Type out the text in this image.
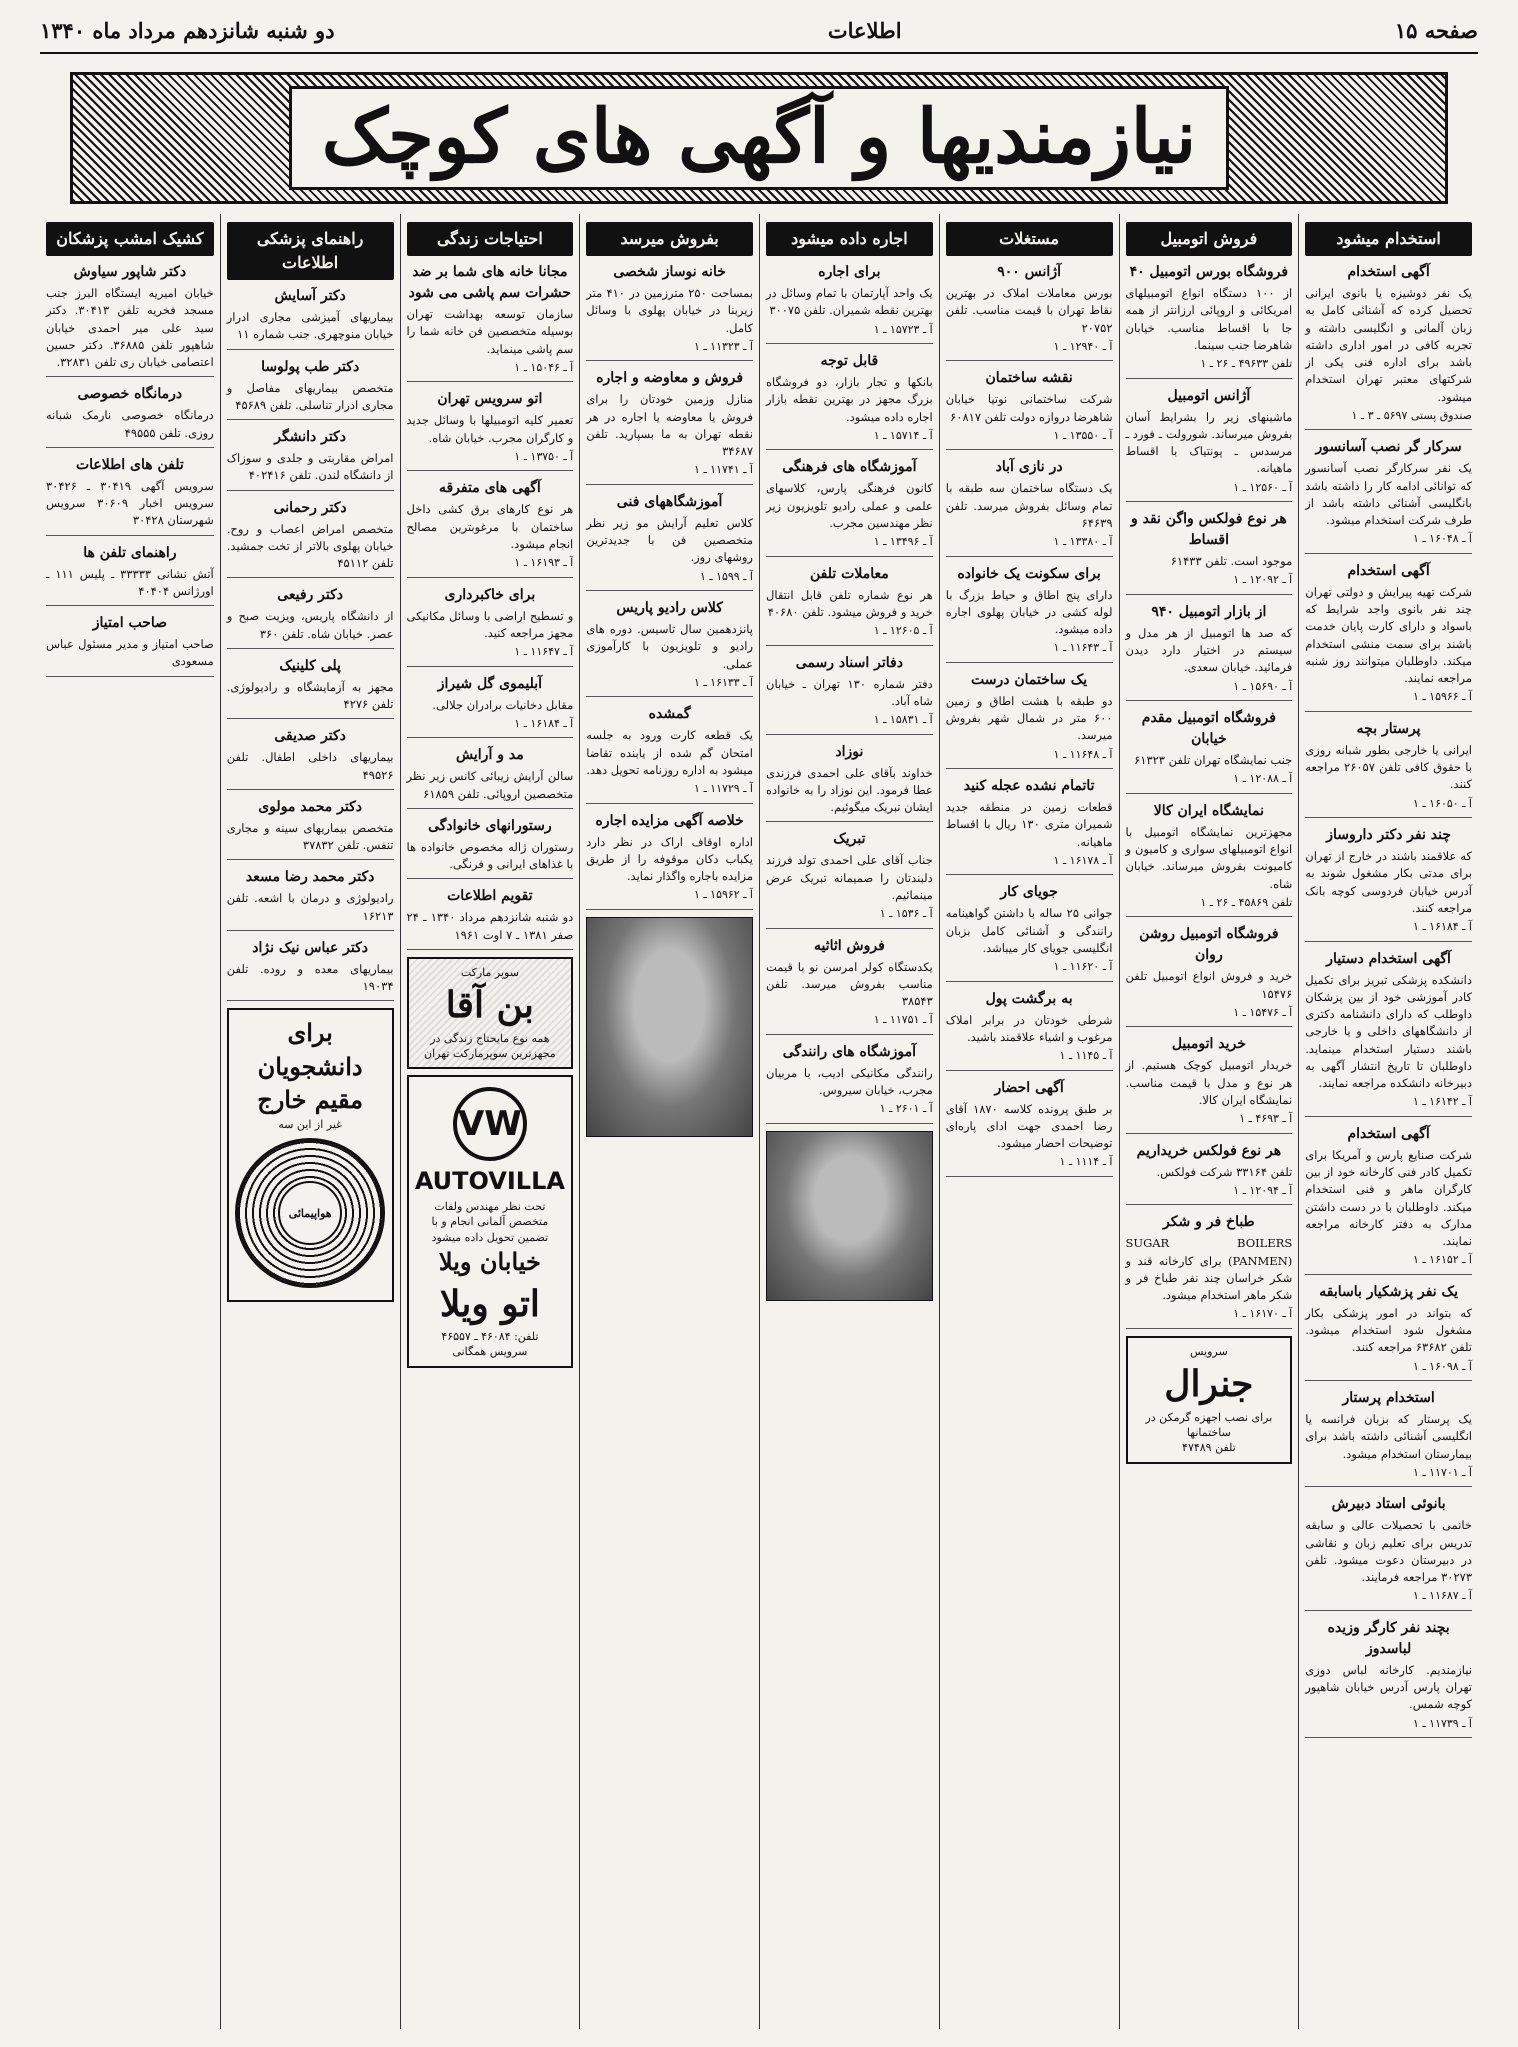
صفحه ۱۵
اطلاعات
دو شنبه شانزدهم مرداد ماه ۱۳۴۰
نیازمندیها و آگهی های کوچک
استخدام میشود
آگهی استخدام
یک نفر دوشیزه یا بانوی ایرانی تحصیل کرده که آشنائی کامل به زبان آلمانی و انگلیسی داشته و تجربه کافی در امور اداری داشته باشد برای اداره فنی یکی از شرکتهای معتبر تهران استخدام میشود.
صندوق پستی ۵۶۹۷ ـ ۳ ـ ۱
سرکار گر نصب آسانسور
یک نفر سرکارگر نصب آسانسور که توانائی ادامه کار را داشته باشد بانگلیسی آشنائی داشته باشد از طرف شرکت استخدام میشود.
آ ـ ۱۶۰۴۸ ـ ۱
آگهی استخدام
شرکت تهیه پیرایش و دولتی تهران چند نفر بانوی واجد شرایط که باسواد و دارای کارت پایان خدمت باشند برای سمت منشی استخدام میکند. داوطلبان میتوانند روز شنبه مراجعه نمایند.
آ ـ ۱۵۹۶۶ ـ ۱
پرستار بچه
ایرانی یا خارجی بطور شبانه روزی با حقوق کافی تلفن ۲۶۰۵۷ مراجعه کنند.
آ ـ ۱۶۰۵۰ ـ ۱
چند نفر دکتر داروساز
که علاقمند باشند در خارج از تهران برای مدتی بکار مشغول شوند به آدرس خیابان فردوسی کوچه بانک مراجعه کنند.
آ ـ ۱۶۱۸۴ ـ ۱
آگهی استخدام دستیار
دانشکده پزشکی تبریز برای تکمیل کادر آموزشی خود از بین پزشکان داوطلب که دارای دانشنامه دکتری از دانشگاههای داخلی و یا خارجی باشند دستیار استخدام مینماید. داوطلبان تا تاریخ انتشار آگهی به دبیرخانه دانشکده مراجعه نمایند.
آ ـ ۱۶۱۴۲ ـ ۱
آگهی استخدام
شرکت صنایع پارس و آمریکا برای تکمیل کادر فنی کارخانه خود از بین کارگران ماهر و فنی استخدام میکند. داوطلبان با در دست داشتن مدارک به دفتر کارخانه مراجعه نمایند.
آ ـ ۱۶۱۵۲ ـ ۱
یک نفر پزشکیار باسابقه
که بتواند در امور پزشکی بکار مشغول شود استخدام میشود. تلفن ۶۳۶۸۲ مراجعه کنند.
آ ـ ۱۶۰۹۸ ـ ۱
استخدام پرستار
یک پرستار که بزبان فرانسه یا انگلیسی آشنائی داشته باشد برای بیمارستان استخدام میشود.
آ ـ ۱۱۷۰۱ ـ ۱
بانوئی استاد دبیرش
خانمی با تحصیلات عالی و سابقه تدریس برای تعلیم زبان و نقاشی در دبیرستان دعوت میشود. تلفن ۳۰۲۷۳ مراجعه فرمایند.
آ ـ ۱۱۶۸۷ ـ ۱
بچند نفر کارگر وزیده لباسدوز
نیازمندیم. کارخانه لباس دوزی تهران پارس آدرس خیابان شاهپور کوچه شمس.
آ ـ ۱۱۷۳۹ ـ ۱
فروش اتومبیل
فروشگاه بورس اتومبیل ۴۰
از ۱۰۰ دستگاه انواع اتومبیلهای امریکائی و اروپائی ارزانتر از همه جا با اقساط مناسب. خیابان شاهرضا جنب سینما.
تلفن ۴۹۶۳۳ ـ ۲۶ ـ ۱
آژانس اتومبیل
ماشینهای زیر را بشرایط آسان بفروش میرساند. شورولت ـ فورد ـ مرسدس ـ پونتیاک با اقساط ماهیانه.
آ ـ ۱۲۵۶۰ ـ ۱
هر نوع فولکس واگن نقد و اقساط
موجود است. تلفن ۶۱۴۳۳
آ ـ ۱۲۰۹۲ ـ ۱
از بازار اتومبیل ۹۴۰
که صد ها اتومبیل از هر مدل و سیستم در اختیار دارد دیدن فرمائید. خیابان سعدی.
آ ـ ۱۵۶۹۰ ـ ۱
فروشگاه اتومبیل مقدم خیابان
جنب نمایشگاه تهران تلفن ۶۱۳۲۳
آ ـ ۱۲۰۸۸ ـ ۱
نمایشگاه ایران کالا
مجهزترین نمایشگاه اتومبیل با انواع اتومبیلهای سواری و کامیون و کامیونت بفروش میرساند. خیابان شاه.
تلفن ۴۵۸۶۹ ـ ۲۶ ـ ۱
فروشگاه اتومبیل روشن روان
خرید و فروش انواع اتومبیل تلفن ۱۵۴۷۶
آ ـ ۱۵۴۷۶ ـ ۱
خرید اتومبیل
خریدار اتومبیل کوچک هستیم. از هر نوع و مدل با قیمت مناسب. نمایشگاه ایران کالا.
آ ـ ۴۶۹۳ ـ ۱
هر نوع فولکس خریداریم
تلفن ۳۳۱۶۴ شرکت فولکس.
آ ـ ۱۲۰۹۴ ـ ۱
طباخ فر و شکر
SUGAR BOILERS (PANMEN) برای کارخانه قند و شکر خراسان چند نفر طباخ فر و شکر ماهر استخدام میشود.
آ ـ ۱۶۱۷۰ ـ ۱
سرویس
جنرال
برای نصب اجهزه گرمکن در ساختمانها
تلفن ۴۷۴۸۹
مستغلات
آژانس ۹۰۰
بورس معاملات املاک در بهترین نقاط تهران با قیمت مناسب. تلفن ۲۰۷۵۲
آ ـ ۱۲۹۴۰ ـ ۱
نقشه ساختمان
شرکت ساختمانی نوتیا خیابان شاهرضا دروازه دولت تلفن ۶۰۸۱۷
آ ـ ۱۳۵۵۰ ـ ۱
در نازی آباد
یک دستگاه ساختمان سه طبقه با تمام وسائل بفروش میرسد. تلفن ۶۴۶۳۹
آ ـ ۱۳۳۸۰ ـ ۱
برای سکونت یک خانواده
دارای پنج اطاق و حیاط بزرگ با لوله کشی در خیابان پهلوی اجاره داده میشود.
آ ـ ۱۱۶۴۳ ـ ۱
یک ساختمان درست
دو طبقه با هشت اطاق و زمین ۶۰۰ متر در شمال شهر بفروش میرسد.
آ ـ ۱۱۶۴۸ ـ ۱
تاتمام نشده عجله کنید
قطعات زمین در منطقه جدید شمیران متری ۱۳۰ ریال با اقساط ماهیانه.
آ ـ ۱۶۱۷۸ ـ ۱
جویای کار
جوانی ۲۵ ساله با داشتن گواهینامه رانندگی و آشنائی کامل بزبان انگلیسی جویای کار میباشد.
آ ـ ۱۱۶۲۰ ـ ۱
به برگشت پول
شرطی خودتان در برابر املاک مرغوب و اشیاء علاقمند باشید.
آ ـ ۱۱۴۵ ـ ۱
آگهی احضار
بر طبق پرونده کلاسه ۱۸۷۰ آقای رضا احمدی جهت ادای پاره‌ای توضیحات احضار میشود.
آ ـ ۱۱۱۴ ـ ۱
اجاره داده میشود
برای اجاره
یک واحد آپارتمان با تمام وسائل در بهترین نقطه شمیران. تلفن ۳۰۰۷۵
آ ـ ۱۵۷۲۳ ـ ۱
قابل توجه
بانکها و تجار بازار، دو فروشگاه بزرگ مجهز در بهترین نقطه بازار اجاره داده میشود.
آ ـ ۱۵۷۱۴ ـ ۱
آموزشگاه های فرهنگی
کانون فرهنگی پارس، کلاسهای علمی و عملی رادیو تلویزیون زیر نظر مهندسین مجرب.
آ ـ ۱۳۴۹۶ ـ ۱
معاملات تلفن
هر نوع شماره تلفن قابل انتقال خرید و فروش میشود. تلفن ۴۰۶۸۰
آ ـ ۱۲۶۰۵ ـ ۱
دفاتر اسناد رسمی
دفتر شماره ۱۳۰ تهران ـ خیابان شاه آباد.
آ ـ ۱۵۸۳۱ ـ ۱
نوزاد
خداوند بآقای علی احمدی فرزندی عطا فرمود. این نوزاد را به خانواده ایشان تبریک میگوئیم.
تبریک
جناب آقای علی احمدی تولد فرزند دلبندتان را صمیمانه تبریک عرض مینمائیم.
آ ـ ۱۵۳۶ ـ ۱
فروش اثاثیه
یکدستگاه کولر امرسن نو با قیمت مناسب بفروش میرسد. تلفن ۳۸۵۴۳
آ ـ ۱۱۷۵۱ ـ ۱
آموزشگاه های رانندگی
رانندگی مکانیکی ادیب، با مربیان مجرب، خیابان سیروس.
آ ـ ۲۶۰۱ ـ ۱
بفروش میرسد
خانه نوساز شخصی
بمساحت ۲۵۰ مترزمین در ۴۱۰ متر زیربنا در خیابان پهلوی با وسائل کامل.
آ ـ ۱۱۳۲۳ ـ ۱
فروش و معاوضه و اجاره
منازل وزمین خودتان را برای فروش یا معاوضه یا اجاره در هر نقطه تهران به ما بسپارید. تلفن ۳۴۶۸۷
آ ـ ۱۱۷۴۱ ـ ۱
آموزشگاههای فنی
کلاس تعلیم آرایش مو زیر نظر متخصصین فن با جدیدترین روشهای روز.
آ ـ ۱۵۹۹ ـ ۱
کلاس رادیو پاریس
پانزدهمین سال تاسیس. دوره های رادیو و تلویزیون با کارآموزی عملی.
آ ـ ۱۶۱۳۳ ـ ۱
گمشده
یک قطعه کارت ورود به جلسه امتحان گم شده از یابنده تقاضا میشود به اداره روزنامه تحویل دهد.
آ ـ ۱۱۷۲۹ ـ ۱
خلاصه آگهی مزایده اجاره
اداره اوقاف اراک در نظر دارد یکباب دکان موقوفه را از طریق مزایده باجاره واگذار نماید.
آ ـ ۱۵۹۶۲ ـ ۱
احتیاجات زندگی
مجانا خانه های شما بر ضد حشرات سم پاشی می شود
سازمان توسعه بهداشت تهران بوسیله متخصصین فن خانه شما را سم پاشی مینماید.
آ ـ ۱۵۰۴۶ ـ ۱
اتو سرویس تهران
تعمیر کلیه اتومبیلها با وسائل جدید و کارگران مجرب. خیابان شاه.
آ ـ ۱۳۷۵۰ ـ ۱
آگهی های متفرقه
هر نوع کارهای برق کشی داخل ساختمان با مرغوبترین مصالح انجام میشود.
آ ـ ۱۶۱۹۳ ـ ۱
برای خاکبرداری
و تسطیح اراضی با وسائل مکانیکی مجهز مراجعه کنید.
آ ـ ۱۱۶۴۷ ـ ۱
آبلیموی گل شیراز
مقابل دخانیات برادران جلالی.
آ ـ ۱۶۱۸۴ ـ ۱
مد و آرایش
سالن آرایش زیبائی کانس زیر نظر متخصصین اروپائی. تلفن ۶۱۸۵۹
رستورانهای خانوادگی
رستوران ژاله مخصوص خانواده ها با غذاهای ایرانی و فرنگی.
تقویم اطلاعات
دو شنبه شانزدهم مرداد ۱۳۴۰ ـ ۲۴ صفر ۱۳۸۱ ـ ۷ اوت ۱۹۶۱
سوپر مارکت
بن آقا
همه نوع مایحتاج زندگی در مجهزترین سوپرمارکت تهران
VW
AUTOVILLA
تحت نظر مهندس ولفات متخصص آلمانی انجام و با تضمین تحویل داده میشود
خیابان ویلا
اتو ویلا
تلفن: ۴۶۰۸۴ ـ ۴۶۵۵۷
سرویس همگانی
راهنمای پزشکی اطلاعات
دکتر آسایش
بیماریهای آمیزشی مجاری ادرار خیابان منوچهری. جنب شماره ۱۱
دکتر طب پولوسا
متخصص بیماریهای مفاصل و مجاری ادرار تناسلی. تلفن ۴۵۶۸۹
دکتر دانشگر
امراض مقاربتی و جلدی و سوزاک از دانشگاه لندن. تلفن ۴۰۲۴۱۶
دکتر رحمانی
متخصص امراض اعصاب و روح. خیابان پهلوی بالاتر از تخت جمشید. تلفن ۴۵۱۱۲
دکتر رفیعی
از دانشگاه پاریس، ویزیت صبح و عصر. خیابان شاه. تلفن ۳۶۰
پلی کلینیک
مجهز به آزمایشگاه و رادیولوژی. تلفن ۴۲۷۶
دکتر صدیقی
بیماریهای داخلی اطفال. تلفن ۴۹۵۲۶
دکتر محمد مولوی
متخصص بیماریهای سینه و مجاری تنفس. تلفن ۳۷۸۳۲
دکتر محمد رضا مسعد
رادیولوژی و درمان با اشعه. تلفن ۱۶۲۱۳
دکتر عباس نیک نژاد
بیماریهای معده و روده. تلفن ۱۹۰۳۴
برای دانشجویان
مقیم خارج
غیر از این سه
هواپیمائی
کشیک امشب پزشکان
دکتر شاپور سیاوش
خیابان امیریه ایستگاه البرز جنب مسجد فخریه تلفن ۳۰۴۱۳. دکتر سید علی میر احمدی خیابان شاهپور تلفن ۳۶۸۸۵. دکتر حسین اعتصامی خیابان ری تلفن ۳۲۸۳۱.
درمانگاه خصوصی
درمانگاه خصوصی نارمک شبانه روزی. تلفن ۴۹۵۵۵
تلفن های اطلاعات
سرویس آگهی ۳۰۴۱۹ ـ ۳۰۴۲۶ سرویس اخبار ۳۰۶۰۹ سرویس شهرستان ۳۰۴۲۸
راهنمای تلفن ها
آتش نشانی ۳۳۳۳۳ ـ پلیس ۱۱۱ ـ اورژانس ۴۰۴۰۴
صاحب امتیاز
صاحب امتیاز و مدیر مسئول عباس مسعودی
